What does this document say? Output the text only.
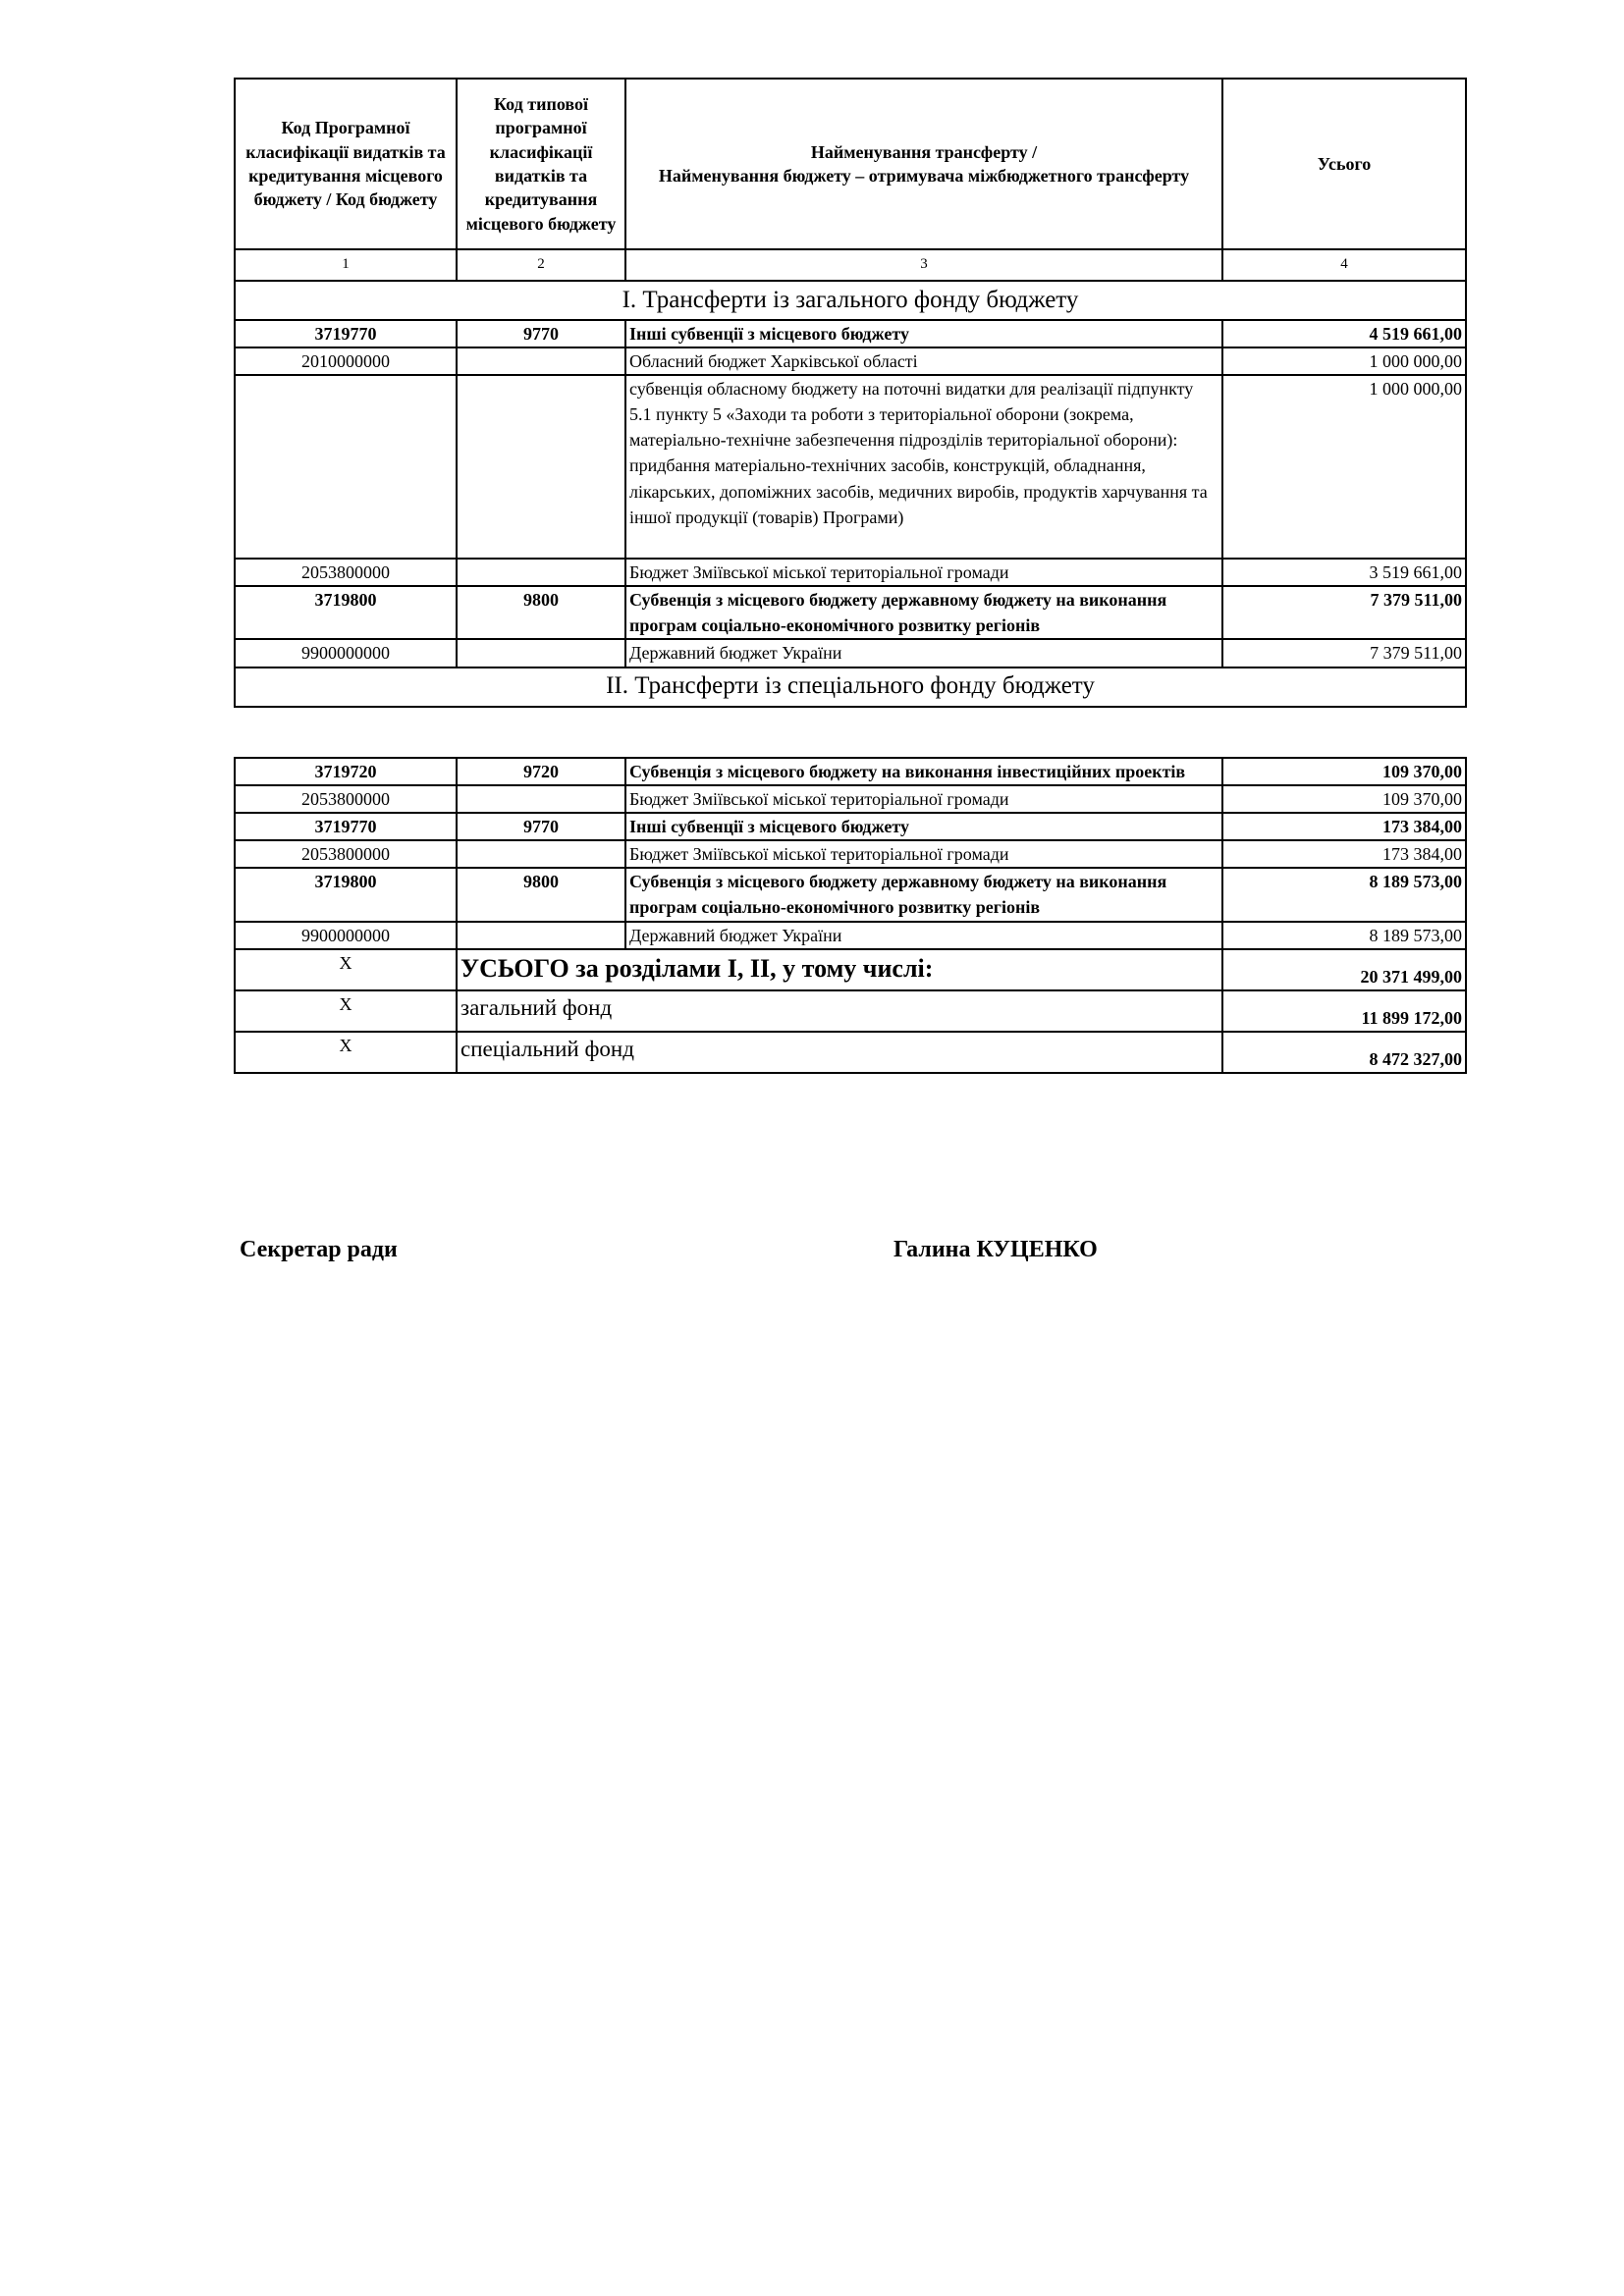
Код Програмної класифікації видатків та кредитування місцевого бюджету / Код бюджету	Код типової програмної класифікації видатків та кредитування місцевого бюджету	Найменування трансферту /
Найменування бюджету – отримувача міжбюджетного трансферту	Усього
1	2	3	4
I. Трансферти із загального фонду бюджету			
3719770	9770	Інші субвенції з місцевого бюджету	4 519 661,00
2010000000		Обласний бюджет Харківської області	1 000 000,00
		субвенція обласному бюджету на поточні видатки для реалізації підпункту 5.1 пункту 5 «Заходи та роботи з територіальної оборони (зокрема, матеріально-технічне забезпечення підрозділів територіальної оборони): придбання матеріально-технічних засобів, конструкцій, обладнання, лікарських, допоміжних засобів, медичних виробів, продуктів харчування та іншої продукції (товарів) Програми)	1 000 000,00
2053800000		Бюджет Зміївської міської територіальної громади	3 519 661,00
3719800	9800	Субвенція з місцевого бюджету державному бюджету на виконання програм соціально-економічного розвитку регіонів	7 379 511,00
9900000000		Державний бюджет України	7 379 511,00
II. Трансферти із спеціального фонду бюджету			
3719720	9720	Субвенція з місцевого бюджету на виконання інвестиційних проектів	109 370,00
2053800000		Бюджет Зміївської міської територіальної громади	109 370,00
3719770	9770	Інші субвенції з місцевого бюджету	173 384,00
2053800000		Бюджет Зміївської міської територіальної громади	173 384,00
3719800	9800	Субвенція з місцевого бюджету державному бюджету на виконання програм соціально-економічного розвитку регіонів	8 189 573,00
9900000000		Державний бюджет України	8 189 573,00
Х	УСЬОГО за розділами І, ІІ, у тому числі:		20 371 499,00
Х	загальний фонд		11 899 172,00
Х	спеціальний фонд		8 472 327,00
Секретар ради	Галина КУЦЕНКО
